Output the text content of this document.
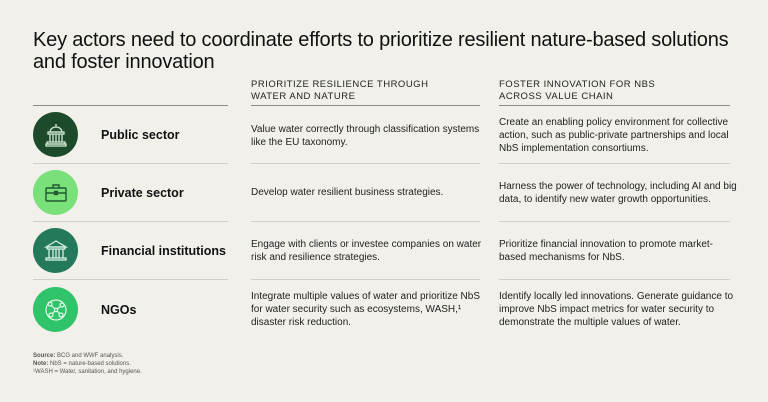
Key actors need to coordinate efforts to prioritize resilient nature-based solutions and foster innovation
PRIORITIZE RESILIENCE THROUGH
WATER AND NATURE
FOSTER INNOVATION FOR NBS
ACROSS VALUE CHAIN
Public sector	Value water correctly through classification systems like the EU taxonomy.
Create an enabling policy environment for collective action, such as public-private partnerships and local NbS implementation consortiums.
Private sector	Develop water resilient business strategies.
Harness the power of technology, including AI and big data, to identify new water growth opportunities.
Financial institutions Engage with clients or investee companies on water risk and resilience strategies.
Prioritize financial innovation to promote market-based mechanisms for NbS.
NGOs
Integrate multiple values of water and prioritize NbS for water security such as ecosystems, WASH,¹ disaster risk reduction.
Identify locally led innovations. Generate guidance to improve NbS impact metrics for water security to demonstrate the multiple values of water.
Source: BCG and WWF analysis.
Note: NbS = nature-based solutions.
¹WASH = Water, sanitation, and hygiene.
